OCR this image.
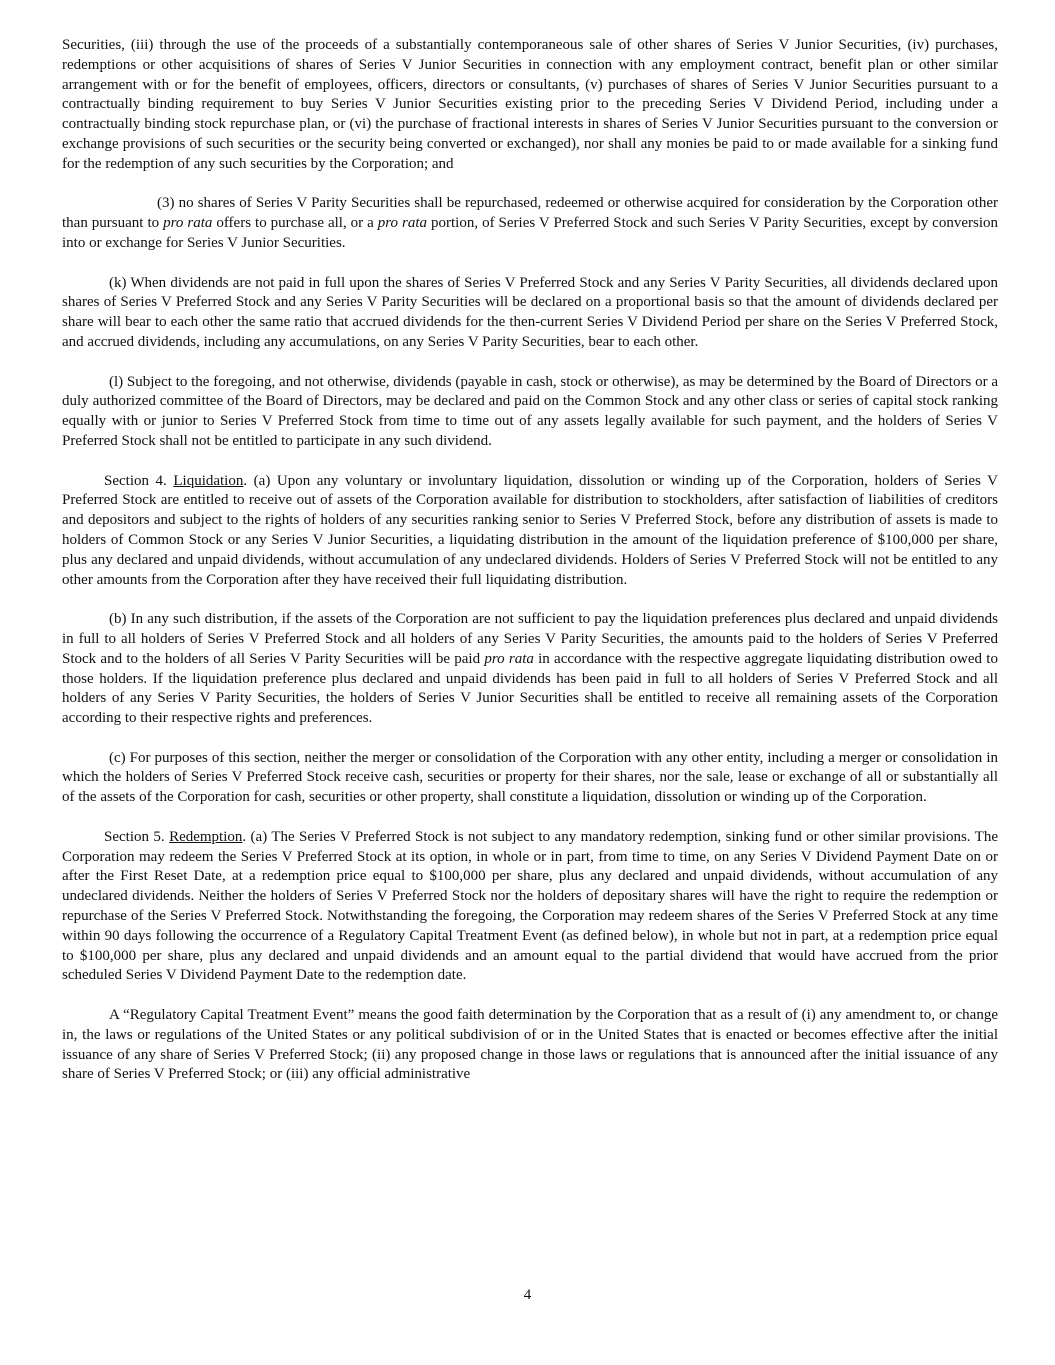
Securities, (iii) through the use of the proceeds of a substantially contemporaneous sale of other shares of Series V Junior Securities, (iv) purchases, redemptions or other acquisitions of shares of Series V Junior Securities in connection with any employment contract, benefit plan or other similar arrangement with or for the benefit of employees, officers, directors or consultants, (v) purchases of shares of Series V Junior Securities pursuant to a contractually binding requirement to buy Series V Junior Securities existing prior to the preceding Series V Dividend Period, including under a contractually binding stock repurchase plan, or (vi) the purchase of fractional interests in shares of Series V Junior Securities pursuant to the conversion or exchange provisions of such securities or the security being converted or exchanged), nor shall any monies be paid to or made available for a sinking fund for the redemption of any such securities by the Corporation; and

(3) no shares of Series V Parity Securities shall be repurchased, redeemed or otherwise acquired for consideration by the Corporation other than pursuant to pro rata offers to purchase all, or a pro rata portion, of Series V Preferred Stock and such Series V Parity Securities, except by conversion into or exchange for Series V Junior Securities.

(k) When dividends are not paid in full upon the shares of Series V Preferred Stock and any Series V Parity Securities, all dividends declared upon shares of Series V Preferred Stock and any Series V Parity Securities will be declared on a proportional basis so that the amount of dividends declared per share will bear to each other the same ratio that accrued dividends for the then-current Series V Dividend Period per share on the Series V Preferred Stock, and accrued dividends, including any accumulations, on any Series V Parity Securities, bear to each other.

(l) Subject to the foregoing, and not otherwise, dividends (payable in cash, stock or otherwise), as may be determined by the Board of Directors or a duly authorized committee of the Board of Directors, may be declared and paid on the Common Stock and any other class or series of capital stock ranking equally with or junior to Series V Preferred Stock from time to time out of any assets legally available for such payment, and the holders of Series V Preferred Stock shall not be entitled to participate in any such dividend.

Section 4. Liquidation. (a) Upon any voluntary or involuntary liquidation, dissolution or winding up of the Corporation, holders of Series V Preferred Stock are entitled to receive out of assets of the Corporation available for distribution to stockholders, after satisfaction of liabilities of creditors and depositors and subject to the rights of holders of any securities ranking senior to Series V Preferred Stock, before any distribution of assets is made to holders of Common Stock or any Series V Junior Securities, a liquidating distribution in the amount of the liquidation preference of $100,000 per share, plus any declared and unpaid dividends, without accumulation of any undeclared dividends. Holders of Series V Preferred Stock will not be entitled to any other amounts from the Corporation after they have received their full liquidating distribution.

(b) In any such distribution, if the assets of the Corporation are not sufficient to pay the liquidation preferences plus declared and unpaid dividends in full to all holders of Series V Preferred Stock and all holders of any Series V Parity Securities, the amounts paid to the holders of Series V Preferred Stock and to the holders of all Series V Parity Securities will be paid pro rata in accordance with the respective aggregate liquidating distribution owed to those holders. If the liquidation preference plus declared and unpaid dividends has been paid in full to all holders of Series V Preferred Stock and all holders of any Series V Parity Securities, the holders of Series V Junior Securities shall be entitled to receive all remaining assets of the Corporation according to their respective rights and preferences.

(c) For purposes of this section, neither the merger or consolidation of the Corporation with any other entity, including a merger or consolidation in which the holders of Series V Preferred Stock receive cash, securities or property for their shares, nor the sale, lease or exchange of all or substantially all of the assets of the Corporation for cash, securities or other property, shall constitute a liquidation, dissolution or winding up of the Corporation.

Section 5. Redemption. (a) The Series V Preferred Stock is not subject to any mandatory redemption, sinking fund or other similar provisions. The Corporation may redeem the Series V Preferred Stock at its option, in whole or in part, from time to time, on any Series V Dividend Payment Date on or after the First Reset Date, at a redemption price equal to $100,000 per share, plus any declared and unpaid dividends, without accumulation of any undeclared dividends. Neither the holders of Series V Preferred Stock nor the holders of depositary shares will have the right to require the redemption or repurchase of the Series V Preferred Stock. Notwithstanding the foregoing, the Corporation may redeem shares of the Series V Preferred Stock at any time within 90 days following the occurrence of a Regulatory Capital Treatment Event (as defined below), in whole but not in part, at a redemption price equal to $100,000 per share, plus any declared and unpaid dividends and an amount equal to the partial dividend that would have accrued from the prior scheduled Series V Dividend Payment Date to the redemption date.

A “Regulatory Capital Treatment Event” means the good faith determination by the Corporation that as a result of (i) any amendment to, or change in, the laws or regulations of the United States or any political subdivision of or in the United States that is enacted or becomes effective after the initial issuance of any share of Series V Preferred Stock; (ii) any proposed change in those laws or regulations that is announced after the initial issuance of any share of Series V Preferred Stock; or (iii) any official administrative

4
